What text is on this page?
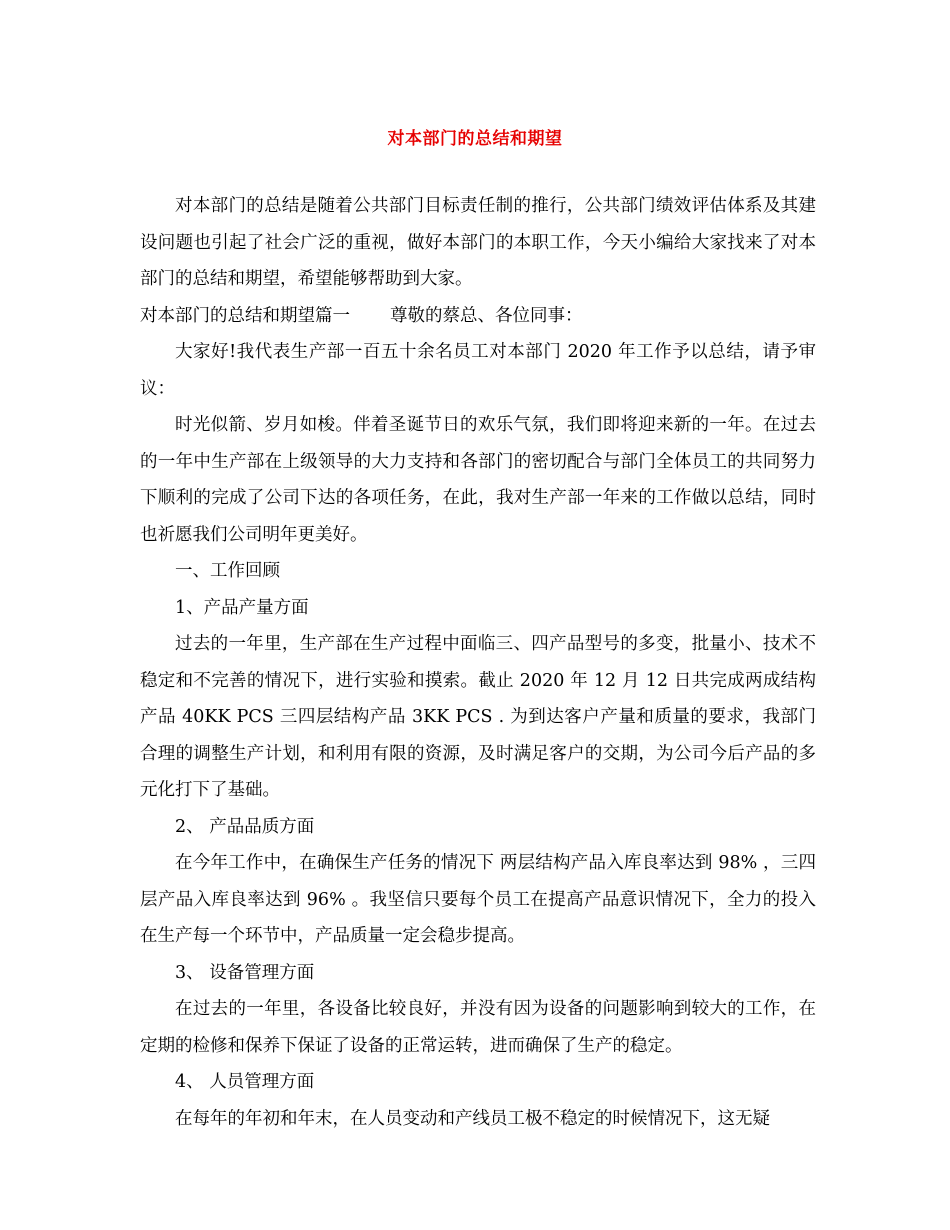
对本部门的总结和期望

对本部门的总结是随着公共部门目标责任制的推行，公共部门绩效评估体系及其建设问题也引起了社会广泛的重视，做好本部门的本职工作，今天小编给大家找来了对本部门的总结和期望，希望能够帮助到大家。

对本部门的总结和期望篇一 尊敬的蔡总、各位同事：

大家好!我代表生产部一百五十余名员工对本部门 2020 年工作予以总结，请予审议：

时光似箭、岁月如梭。伴着圣诞节日的欢乐气氛，我们即将迎来新的一年。在过去的一年中生产部在上级领导的大力支持和各部门的密切配合与部门全体员工的共同努力下顺利的完成了公司下达的各项任务，在此，我对生产部一年来的工作做以总结，同时也祈愿我们公司明年更美好。

一、工作回顾

1、产品产量方面

过去的一年里，生产部在生产过程中面临三、四产品型号的多变，批量小、技术不稳定和不完善的情况下，进行实验和摸索。截止 2020 年 12 月 12 日共完成两成结构产品 40KK PCS 三四层结构产品 3KK PCS . 为到达客户产量和质量的要求，我部门合理的调整生产计划，和利用有限的资源，及时满足客户的交期，为公司今后产品的多元化打下了基础。

2、 产品品质方面

在今年工作中，在确保生产任务的情况下 两层结构产品入库良率达到 98% ，三四层产品入库良率达到 96% 。我坚信只要每个员工在提高产品意识情况下，全力的投入在生产每一个环节中，产品质量一定会稳步提高。

3、 设备管理方面

在过去的一年里，各设备比较良好，并没有因为设备的问题影响到较大的工作，在定期的检修和保养下保证了设备的正常运转，进而确保了生产的稳定。

4、 人员管理方面

在每年的年初和年末，在人员变动和产线员工极不稳定的时候情况下，这无疑
